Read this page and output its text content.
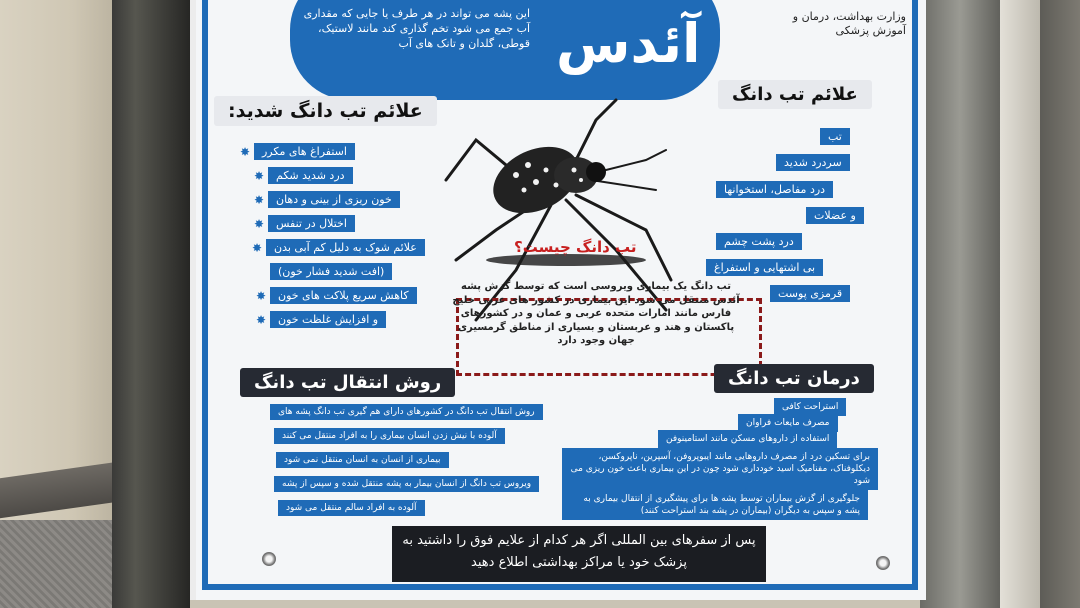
این پشه می تواند در هر طرف یا جایی که مقداری آب جمع می شود تخم گذاری کند مانند لاستیک، قوطی، گلدان و تانک های آب آئدس	وزارت بهداشت، درمان و آموزش پزشکی
علائم تب دانگ شدید:
استفراغ های مکرر
درد شدید شکم
خون ریزی از بینی و دهان
اختلال در تنفس
علائم شوک به دلیل کم آبی بدن
(افت شدید فشار خون)
کاهش سریع پلاکت های خون
و افزایش غلظت خون
✸
✸
✸
✸
✸
✸
✸
علائم تب دانگ
تب
سردرد شدید
درد مفاصل، استخوانها
و عضلات
درد پشت چشم
بی اشتهایی و استفراغ
قرمزی پوست
تب دانگ چیست؟
تب دانگ یک بیماری ویروسی است که توسط گزش پشه آئدس منتقل می شود این بیماری در کشور های عربی خلیج فارس مانند امارات متحده عربی و عمان و در کشورهای پاکستان و هند و عربستان و بسیاری از مناطق گرمسیری جهان وجود دارد
روش انتقال تب دانگ
روش انتقال تب دانگ در کشورهای دارای هم گیری تب دانگ پشه های
آلوده با نیش زدن انسان بیماری را به افراد منتقل می کنند
بیماری از انسان به انسان منتقل نمی شود
ویروس تب دانگ از انسان بیمار به پشه منتقل شده و سپس از پشه
آلوده به افراد سالم منتقل می شود
درمان تب دانگ
استراحت کافی
مصرف مایعات فراوان
استفاده از داروهای مسکن مانند استامینوفن
برای تسکین درد از مصرف داروهایی مانند ایبوپروفن، آسپرین، ناپروکسن، دیکلوفناک، مفنامیک اسید خودداری شود چون در این بیماری باعث خون ریزی می شود
جلوگیری از گزش بیماران توسط پشه ها برای پیشگیری از انتقال بیماری به پشه و سپس به دیگران (بیماران در پشه بند استراحت کنند)
پس از سفرهای بین المللی اگر هر کدام از علایم فوق را داشتید به پزشک خود یا مراکز بهداشتی اطلاع دهید
